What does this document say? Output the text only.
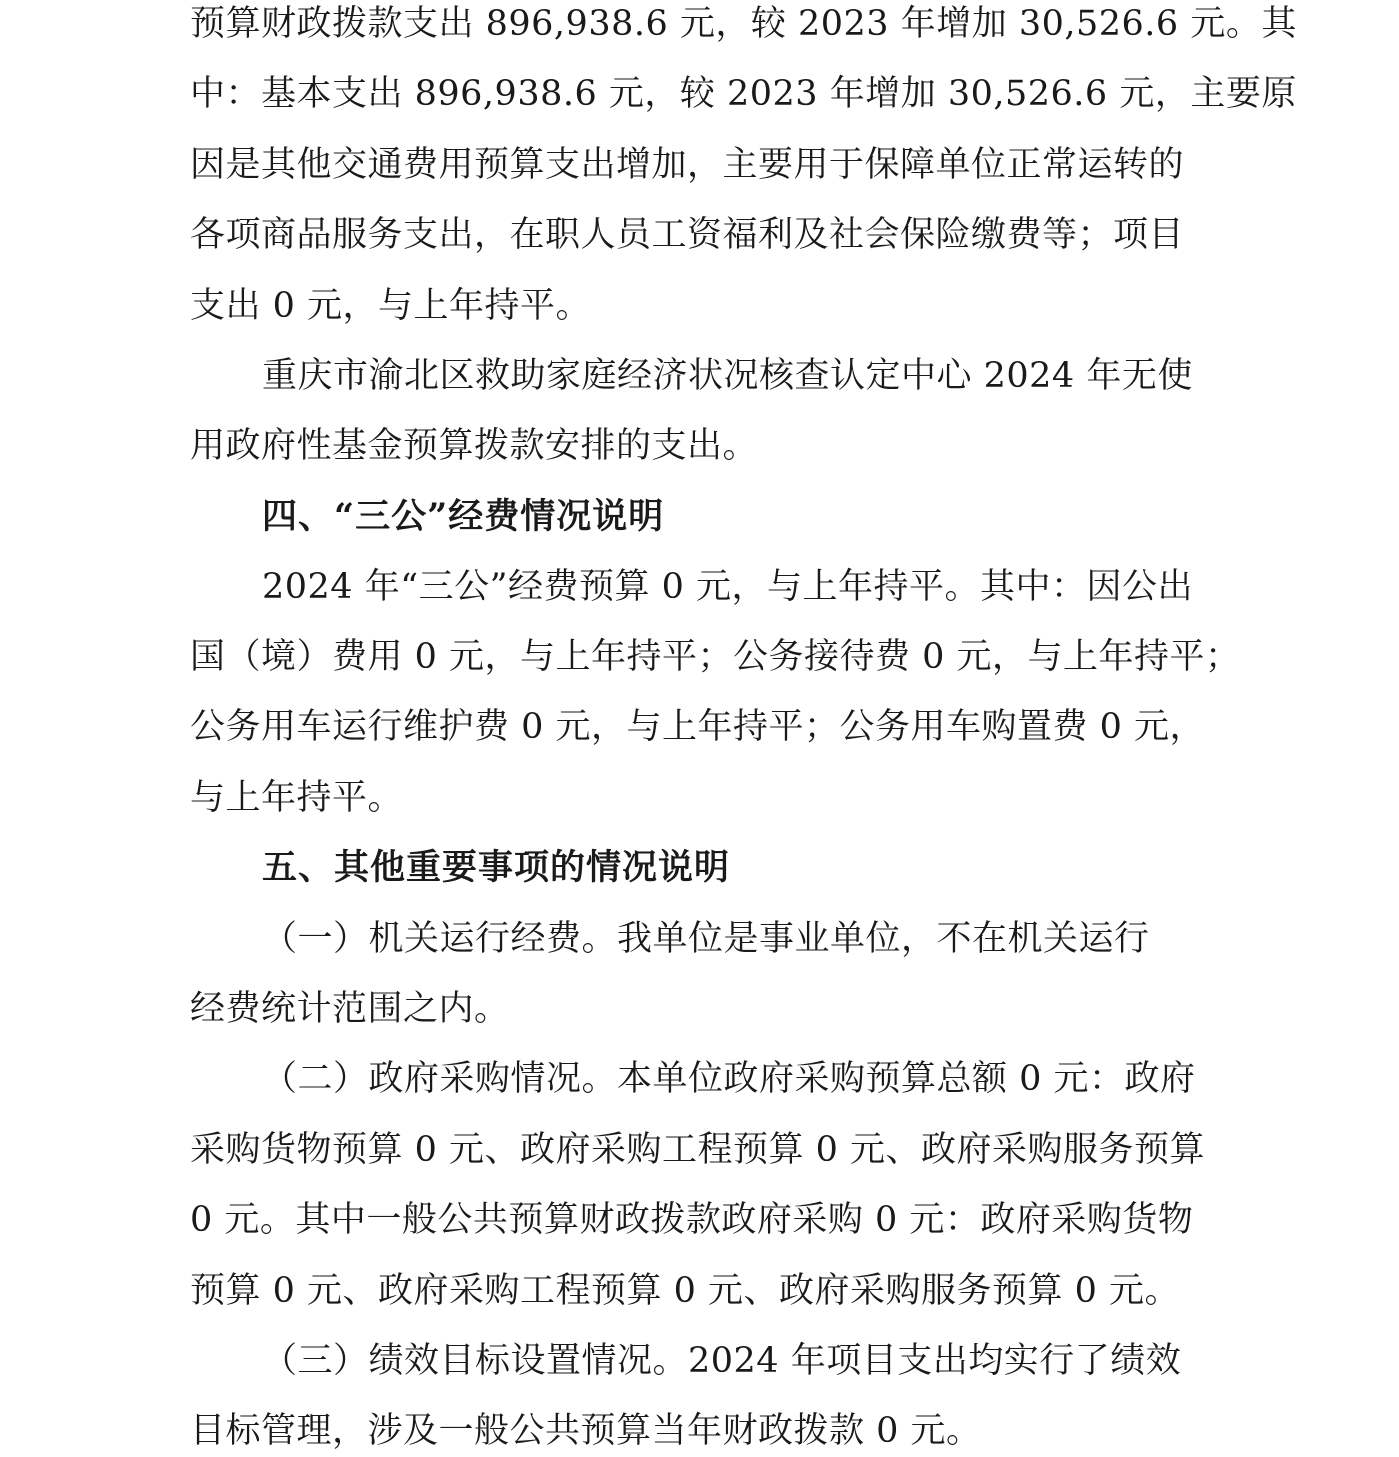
预算财政拨款支出 896,938.6 元，较 2023 年增加 30,526.6 元。其
中：基本支出 896,938.6 元，较 2023 年增加 30,526.6 元，主要原
因是其他交通费用预算支出增加，主要用于保障单位正常运转的
各项商品服务支出，在职人员工资福利及社会保险缴费等；项目
支出 0 元，与上年持平。
重庆市渝北区救助家庭经济状况核查认定中心 2024 年无使
用政府性基金预算拨款安排的支出。
四、“三公”经费情况说明
2024 年“三公”经费预算 0 元，与上年持平。其中：因公出
国（境）费用 0 元，与上年持平；公务接待费 0 元，与上年持平；
公务用车运行维护费 0 元，与上年持平；公务用车购置费 0 元，
与上年持平。
五、其他重要事项的情况说明
（一）机关运行经费。我单位是事业单位，不在机关运行
经费统计范围之内。
（二）政府采购情况。本单位政府采购预算总额 0 元：政府
采购货物预算 0 元、政府采购工程预算 0 元、政府采购服务预算
0 元。其中一般公共预算财政拨款政府采购 0 元：政府采购货物
预算 0 元、政府采购工程预算 0 元、政府采购服务预算 0 元。
（三）绩效目标设置情况。2024 年项目支出均实行了绩效
目标管理，涉及一般公共预算当年财政拨款 0 元。
